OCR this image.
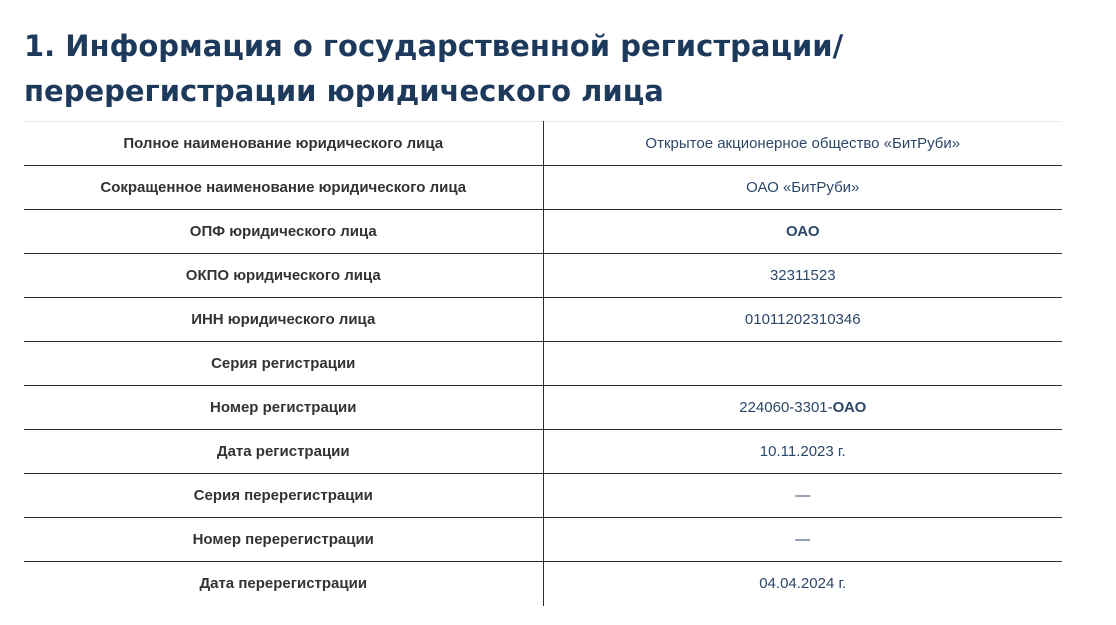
1. Информация о государственной регистрации/ перерегистрации юридического лица
Полное наименование юридического лица	Открытое акционерное общество «БитРуби»
Сокращенное наименование юридического лица	ОАО «БитРуби»
ОПФ юридического лица	ОАО
ОКПО юридического лица	32311523
ИНН юридического лица	01011202310346
Серия регистрации	
Номер регистрации	224060-3301-ОАО
Дата регистрации	10.11.2023 г.
Серия перерегистрации	—
Номер перерегистрации	—
Дата перерегистрации	04.04.2024 г.
